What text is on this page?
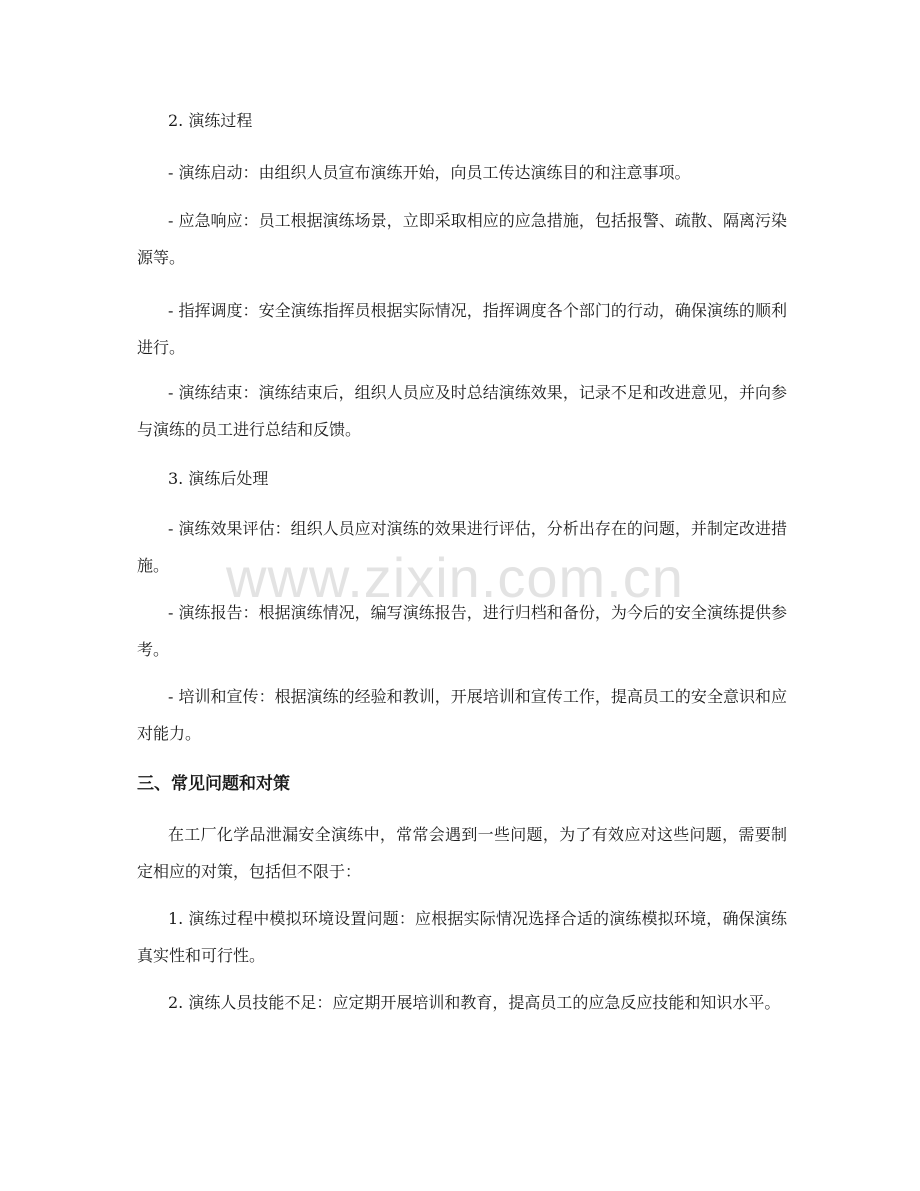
2. 演练过程

- 演练启动：由组织人员宣布演练开始，向员工传达演练目的和注意事项。

- 应急响应：员工根据演练场景，立即采取相应的应急措施，包括报警、疏散、隔离污染源等。

- 指挥调度：安全演练指挥员根据实际情况，指挥调度各个部门的行动，确保演练的顺利进行。

- 演练结束：演练结束后，组织人员应及时总结演练效果，记录不足和改进意见，并向参与演练的员工进行总结和反馈。

3. 演练后处理

- 演练效果评估：组织人员应对演练的效果进行评估，分析出存在的问题，并制定改进措施。

- 演练报告：根据演练情况，编写演练报告，进行归档和备份，为今后的安全演练提供参考。

- 培训和宣传：根据演练的经验和教训，开展培训和宣传工作，提高员工的安全意识和应对能力。

三、常见问题和对策

在工厂化学品泄漏安全演练中，常常会遇到一些问题，为了有效应对这些问题，需要制定相应的对策，包括但不限于：

1. 演练过程中模拟环境设置问题：应根据实际情况选择合适的演练模拟环境，确保演练真实性和可行性。

2. 演练人员技能不足：应定期开展培训和教育，提高员工的应急反应技能和知识水平。

www.zixin.com.cn
